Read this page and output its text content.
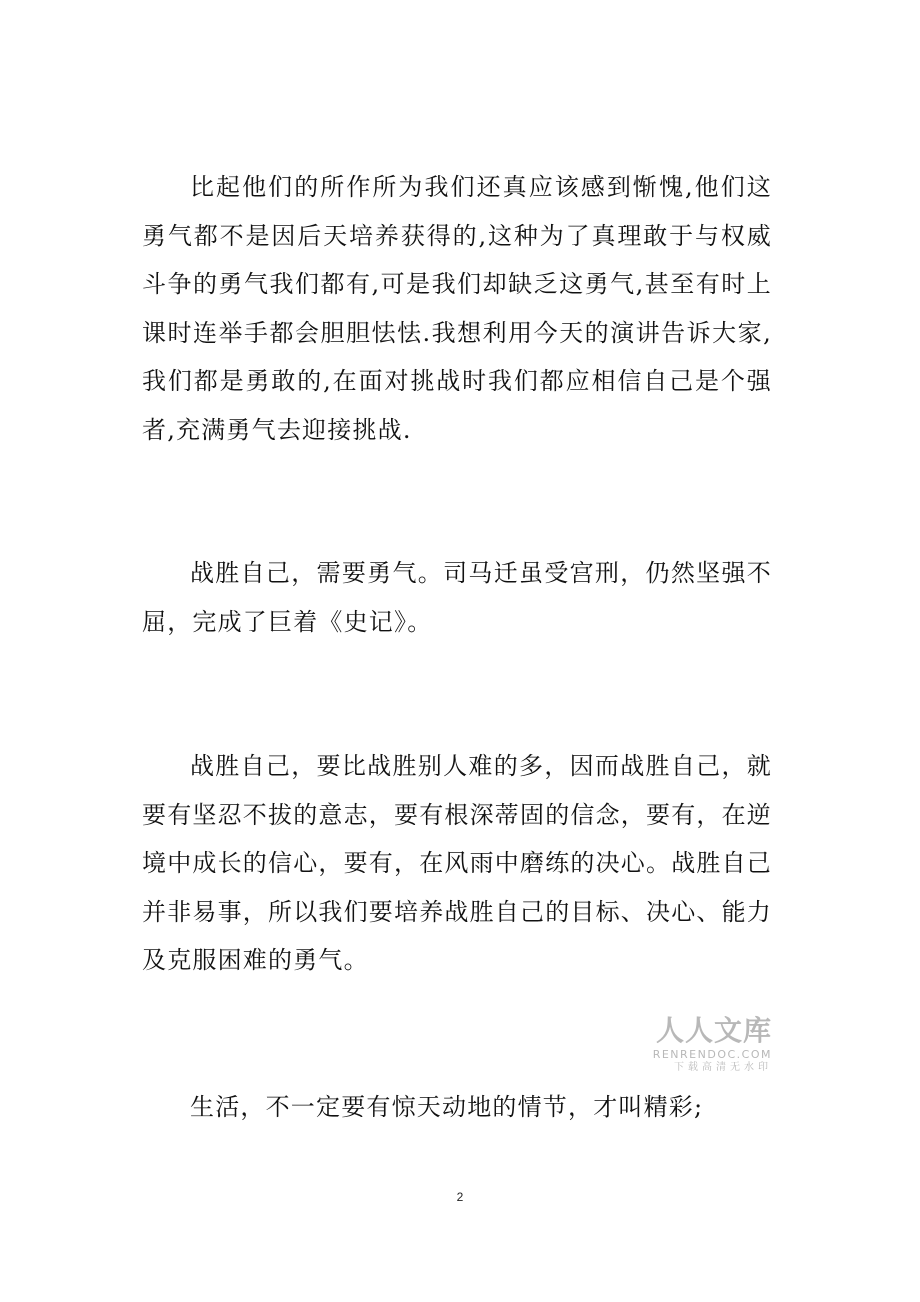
比起他们的所作所为我们还真应该感到惭愧,他们这勇气都不是因后天培养获得的,这种为了真理敢于与权威斗争的勇气我们都有,可是我们却缺乏这勇气,甚至有时上课时连举手都会胆胆怯怯.我想利用今天的演讲告诉大家,我们都是勇敢的,在面对挑战时我们都应相信自己是个强者,充满勇气去迎接挑战.

战胜自己，需要勇气。司马迁虽受宫刑，仍然坚强不屈，完成了巨着《史记》。

战胜自己，要比战胜别人难的多，因而战胜自己，就要有坚忍不拔的意志，要有根深蒂固的信念，要有，在逆境中成长的信心，要有，在风雨中磨练的决心。战胜自己并非易事，所以我们要培养战胜自己的目标、决心、能力及克服困难的勇气。

生活，不一定要有惊天动地的情节，才叫精彩;

人人文库
RENRENDOC.COM
下载高清无水印
2
